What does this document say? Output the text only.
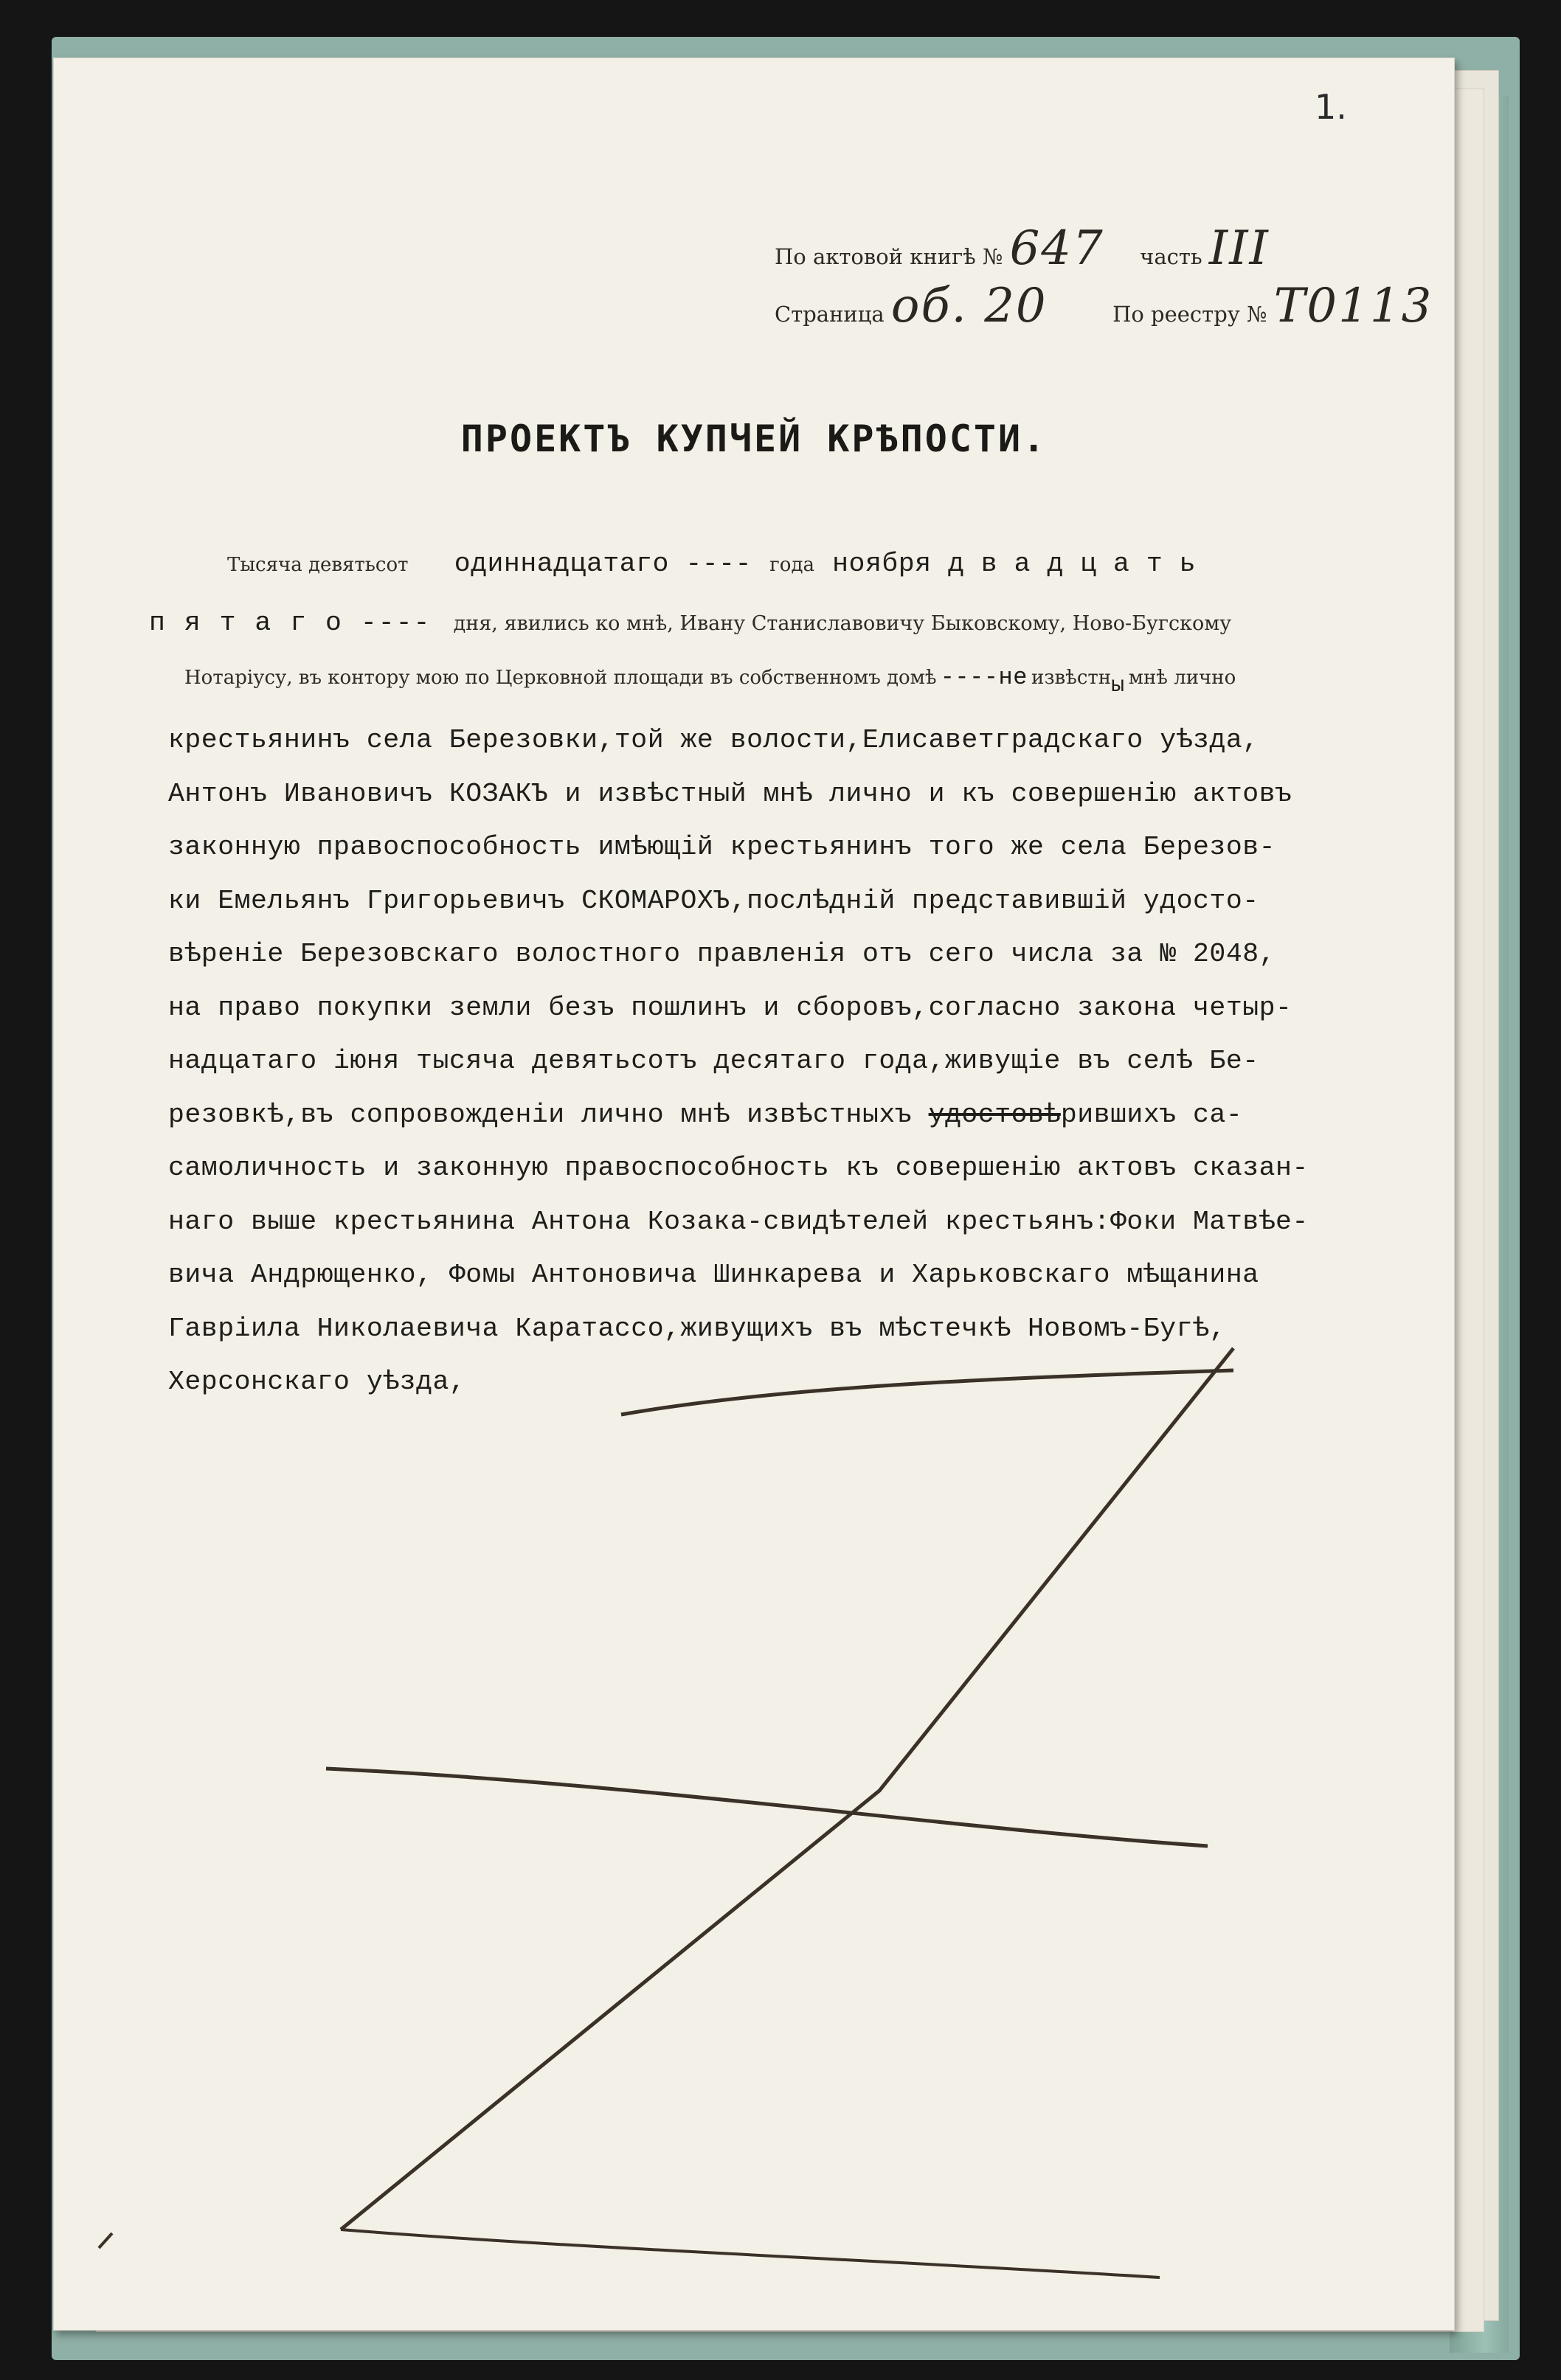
1.
По актовой книгѣ № 647 часть III
Страница об. 20	По реестру № Т0113
ПРОЕКТЪ КУПЧЕЙ КРѢПОСТИ.
Тысяча девятьсот одиннадцатаго ---- года ноября д в а д ц а т ь
п я т а г о ---- дня, явились ко мнѣ, Ивану Станиславовичу Быковскому, Ново-Бугскому
Нотаріусу, въ контору мою по Церковной площади въ собственномъ домѣ ----не извѣстны мнѣ лично
крестьянинъ села Березовки,той же волости,Елисаветградскаго уѣзда,
Антонъ Ивановичъ КОЗАКЪ и извѣстный мнѣ лично и къ совершенію актовъ
законную правоспособность имѣющій крестьянинъ того же села Березов-
ки Емельянъ Григорьевичъ СКОМАРОХЪ,послѣдній представившій удосто-
вѣреніе Березовскаго волостного правленія отъ сего числа за № 2048,
на право покупки земли безъ пошлинъ и сборовъ,согласно закона четыр-
надцатаго іюня тысяча девятьсотъ десятаго года,живущіе въ селѣ Бе-
резовкѣ,въ сопровожденіи лично мнѣ извѣстныхъ удостовѣрившихъ са-
самоличность и законную правоспособность къ совершенію актовъ сказан-
наго выше крестьянина Антона Козака-свидѣтелей крестьянъ:Фоки Матвѣе-
вича Андрющенко, Фомы Антоновича Шинкарева и Харьковскаго мѣщанина
Гавріила Николаевича Каратассо,живущихъ въ мѣстечкѣ Новомъ-Бугѣ,
Херсонскаго уѣзда,
